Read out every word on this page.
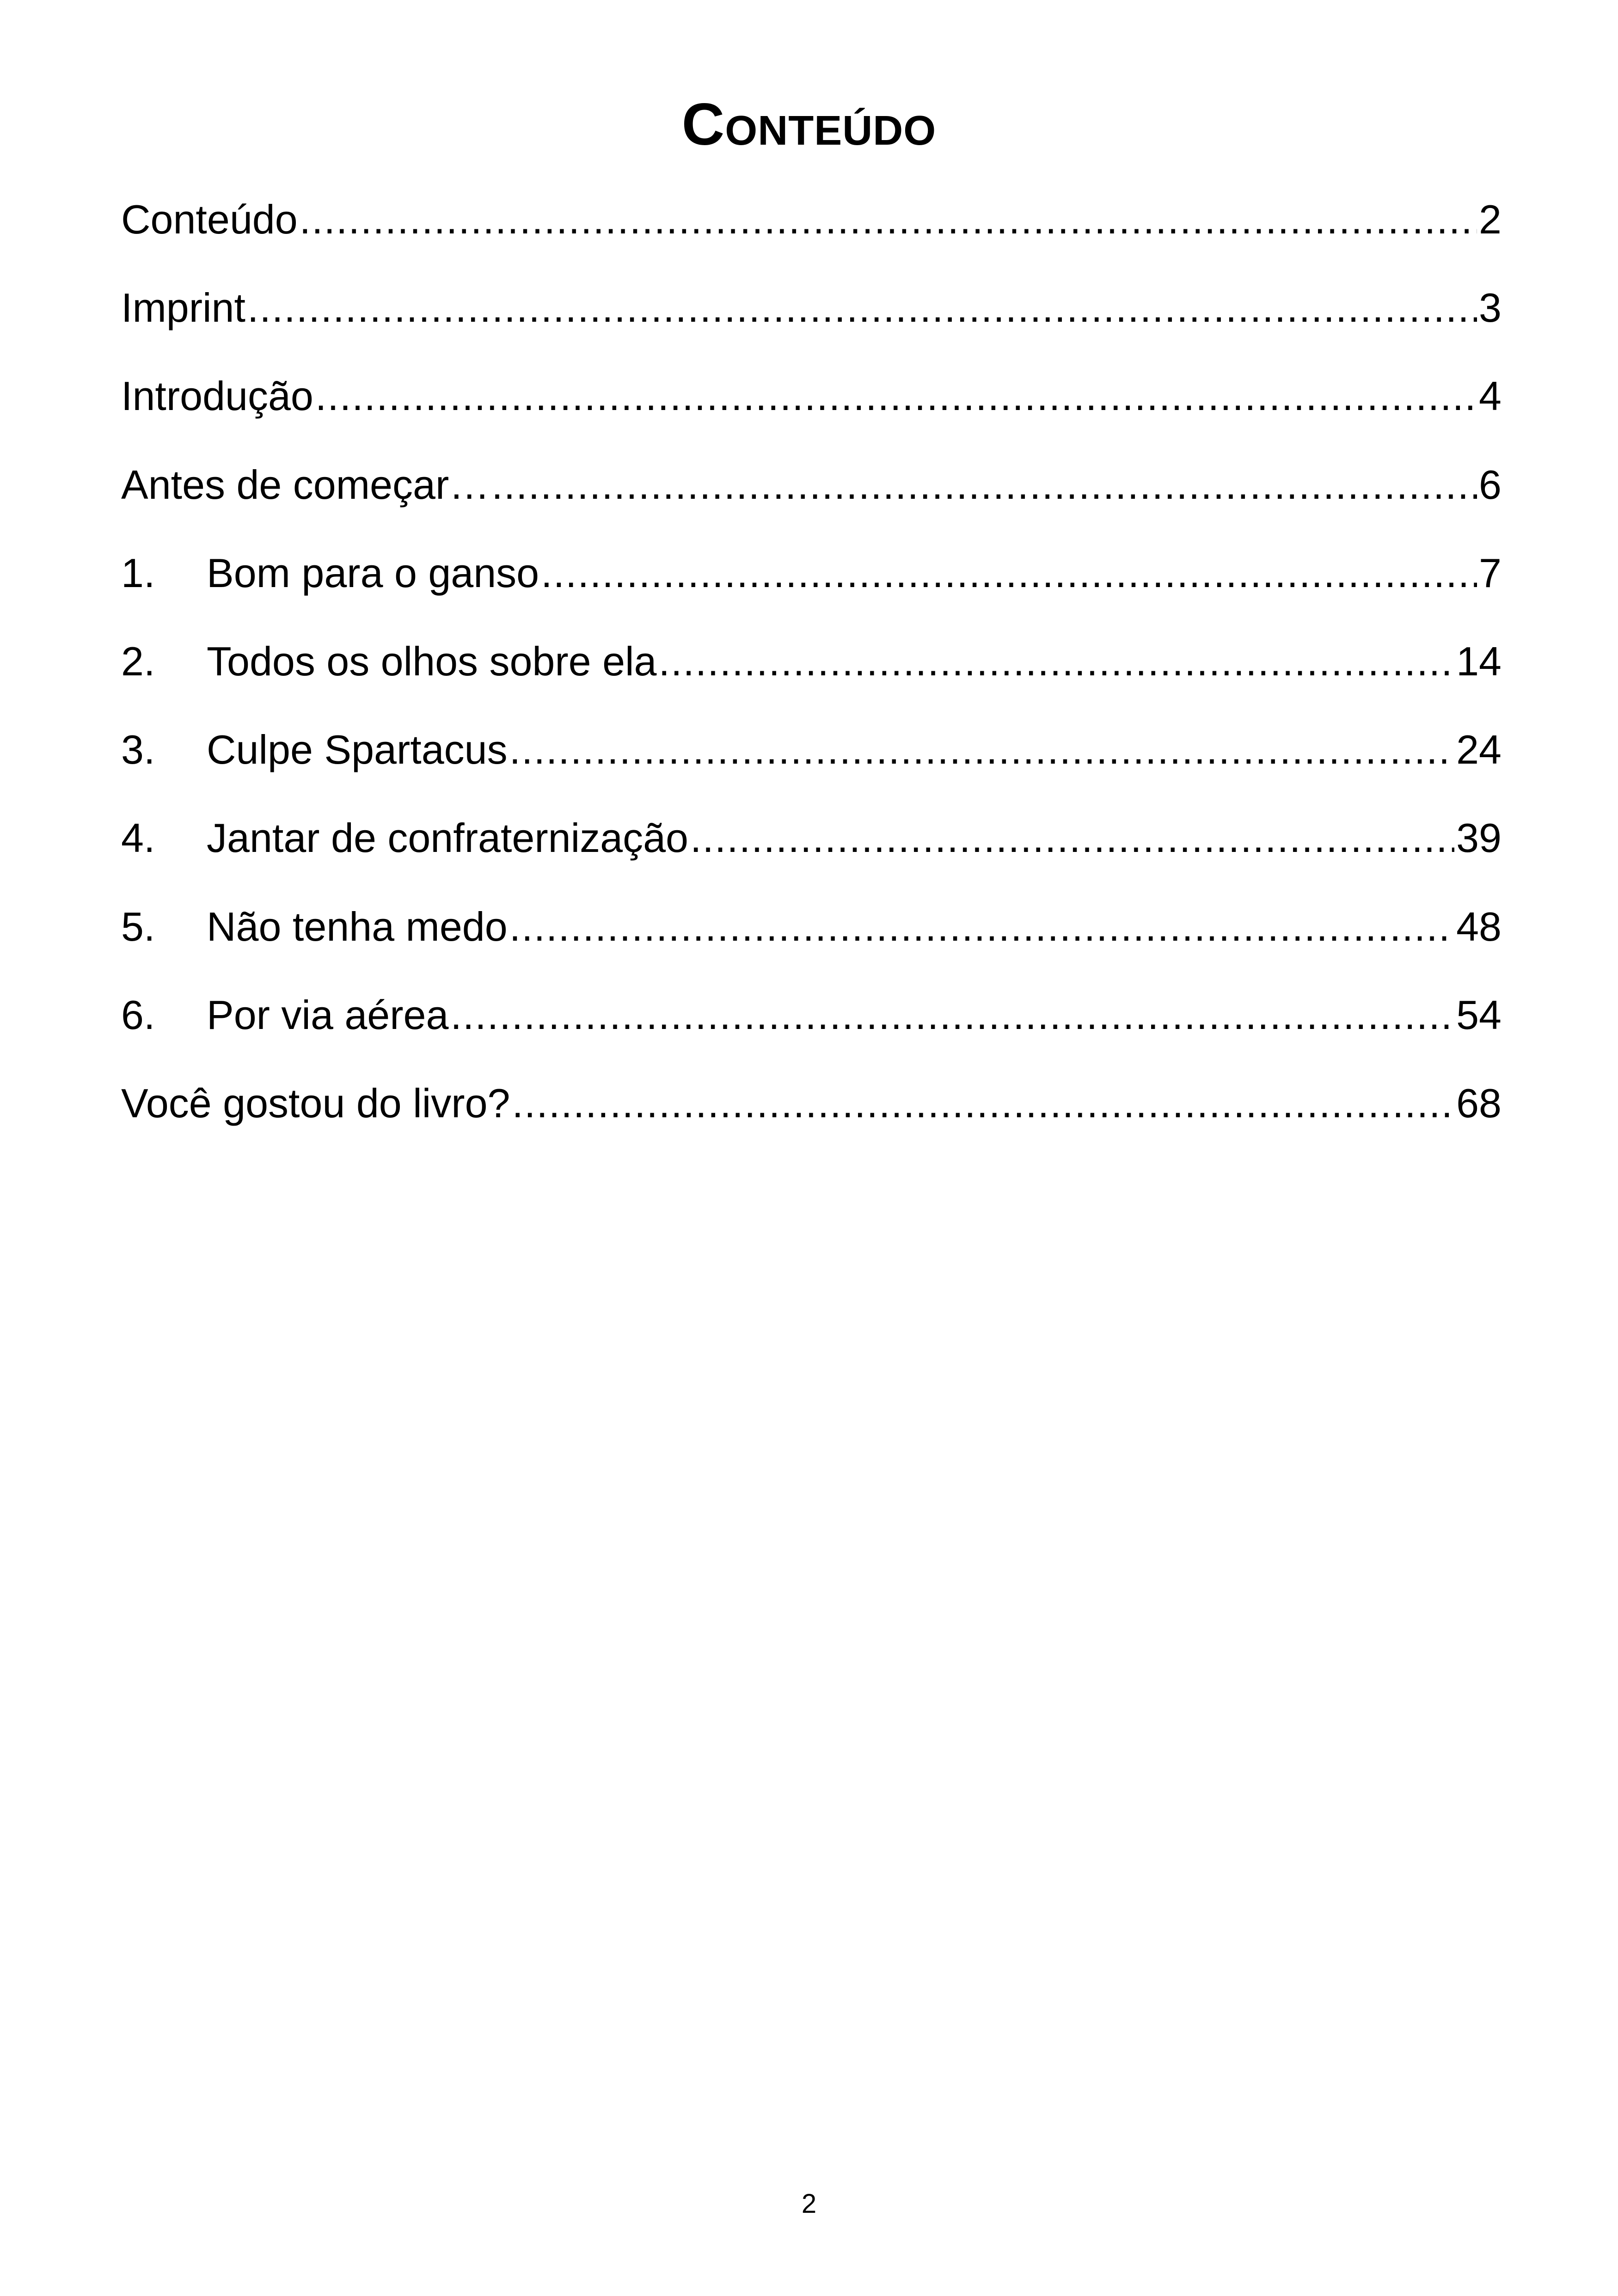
Conteúdo
Conteúdo .....	2
Imprint .....	3
Introdução .....	4
Antes de começar… .....	6
1.	Bom para o ganso .....	7
2.	Todos os olhos sobre ela .....	14
3.	Culpe Spartacus .....	24
4.	Jantar de confraternização .....	39
5.	Não tenha medo .....	48
6.	Por via aérea .....	54
Você gostou do livro? .....	68
2
